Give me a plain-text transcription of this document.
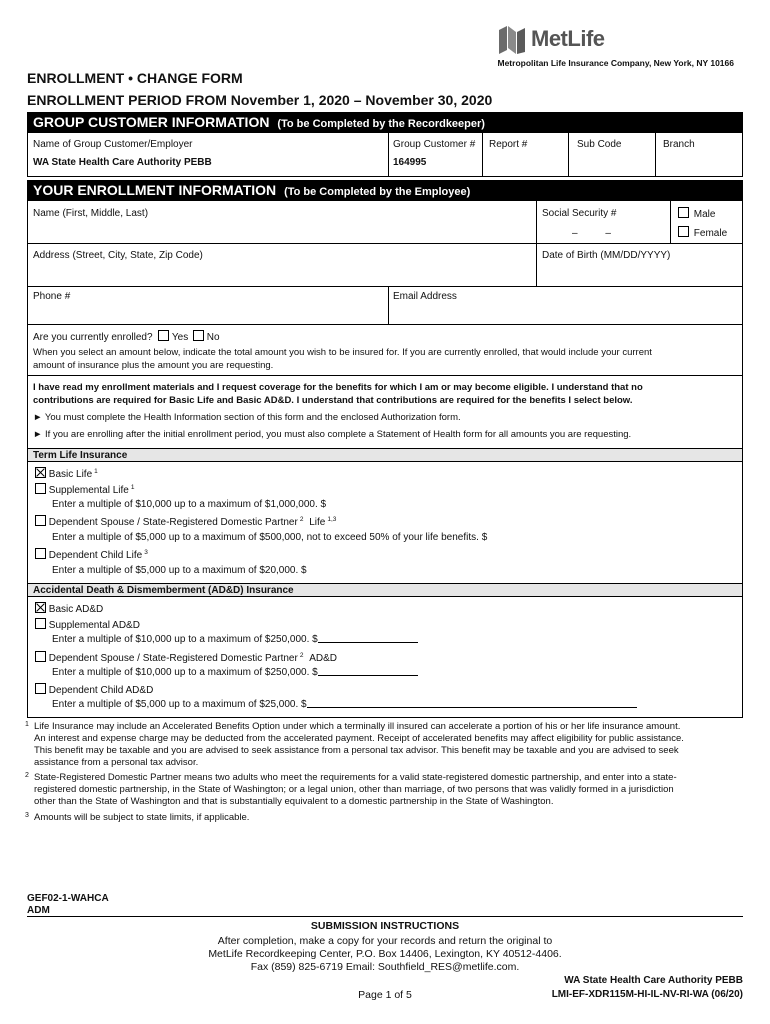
MetLife
Metropolitan Life Insurance Company, New York, NY 10166
ENROLLMENT • CHANGE FORM
ENROLLMENT PERIOD FROM November 1, 2020 – November 30, 2020
GROUP CUSTOMER INFORMATION (To be Completed by the Recordkeeper)
Name of Group Customer/Employer
WA State Health Care Authority PEBB
Group Customer #
164995
Report #	Sub Code	Branch
YOUR ENROLLMENT INFORMATION (To be Completed by the Employee)
Name (First, Middle, Last)	Social Security #
–          –
Male
Female
Address (Street, City, State, Zip Code)	Date of Birth (MM/DD/YYYY)
Phone #	Email Address
Are you currently enrolled? Yes No
When you select an amount below, indicate the total amount you wish to be insured for. If you are currently enrolled, that would include your current
amount of insurance plus the amount you are requesting.
I have read my enrollment materials and I request coverage for the benefits for which I am or may become eligible. I understand that no
contributions are required for Basic Life and Basic AD&D. I understand that contributions are required for the benefits I select below.
► You must complete the Health Information section of this form and the enclosed Authorization form.
► If you are enrolling after the initial enrollment period, you must also complete a Statement of Health form for all amounts you are requesting.
Term Life Insurance
Basic Life $^1$
Supplemental Life $^1$
Enter a multiple of $10,000 up to a maximum of $1,000,000. $
Dependent Spouse / State-Registered Domestic Partner $^2$ Life $^{1,3}$
Enter a multiple of $5,000 up to a maximum of $500,000, not to exceed 50% of your life benefits. $
Dependent Child Life $^3$
Enter a multiple of $5,000 up to a maximum of $20,000. $
Accidental Death & Dismemberment (AD&D) Insurance
Basic AD&D
Supplemental AD&D
Enter a multiple of $10,000 up to a maximum of $250,000. $
Dependent Spouse / State-Registered Domestic Partner $^2$ AD&D
Enter a multiple of $10,000 up to a maximum of $250,000. $
Dependent Child AD&D
Enter a multiple of $5,000 up to a maximum of $25,000. $
1 Life Insurance may include an Accelerated Benefits Option under which a terminally ill insured can accelerate a portion of his or her life insurance amount.
An interest and expense charge may be deducted from the accelerated payment. Receipt of accelerated benefits may affect eligibility for public assistance.
This benefit may be taxable and you are advised to seek assistance from a personal tax advisor. This benefit may be taxable and you are advised to seek
assistance from a personal tax advisor.
2 State-Registered Domestic Partner means two adults who meet the requirements for a valid state-registered domestic partnership, and enter into a state-
registered domestic partnership, in the State of Washington; or a legal union, other than marriage, of two persons that was validly formed in a jurisdiction
other than the State of Washington and that is substantially equivalent to a domestic partnership in the State of Washington.
3 Amounts will be subject to state limits, if applicable.
GEF02-1-WAHCA
ADM
SUBMISSION INSTRUCTIONS
After completion, make a copy for your records and return the original to
MetLife Recordkeeping Center, P.O. Box 14406, Lexington, KY 40512-4406.
Fax (859) 825-6719 Email: Southfield_RES@metlife.com.
WA State Health Care Authority PEBB
Page 1 of 5	LMI-EF-XDR115M-HI-IL-NV-RI-WA (06/20)
